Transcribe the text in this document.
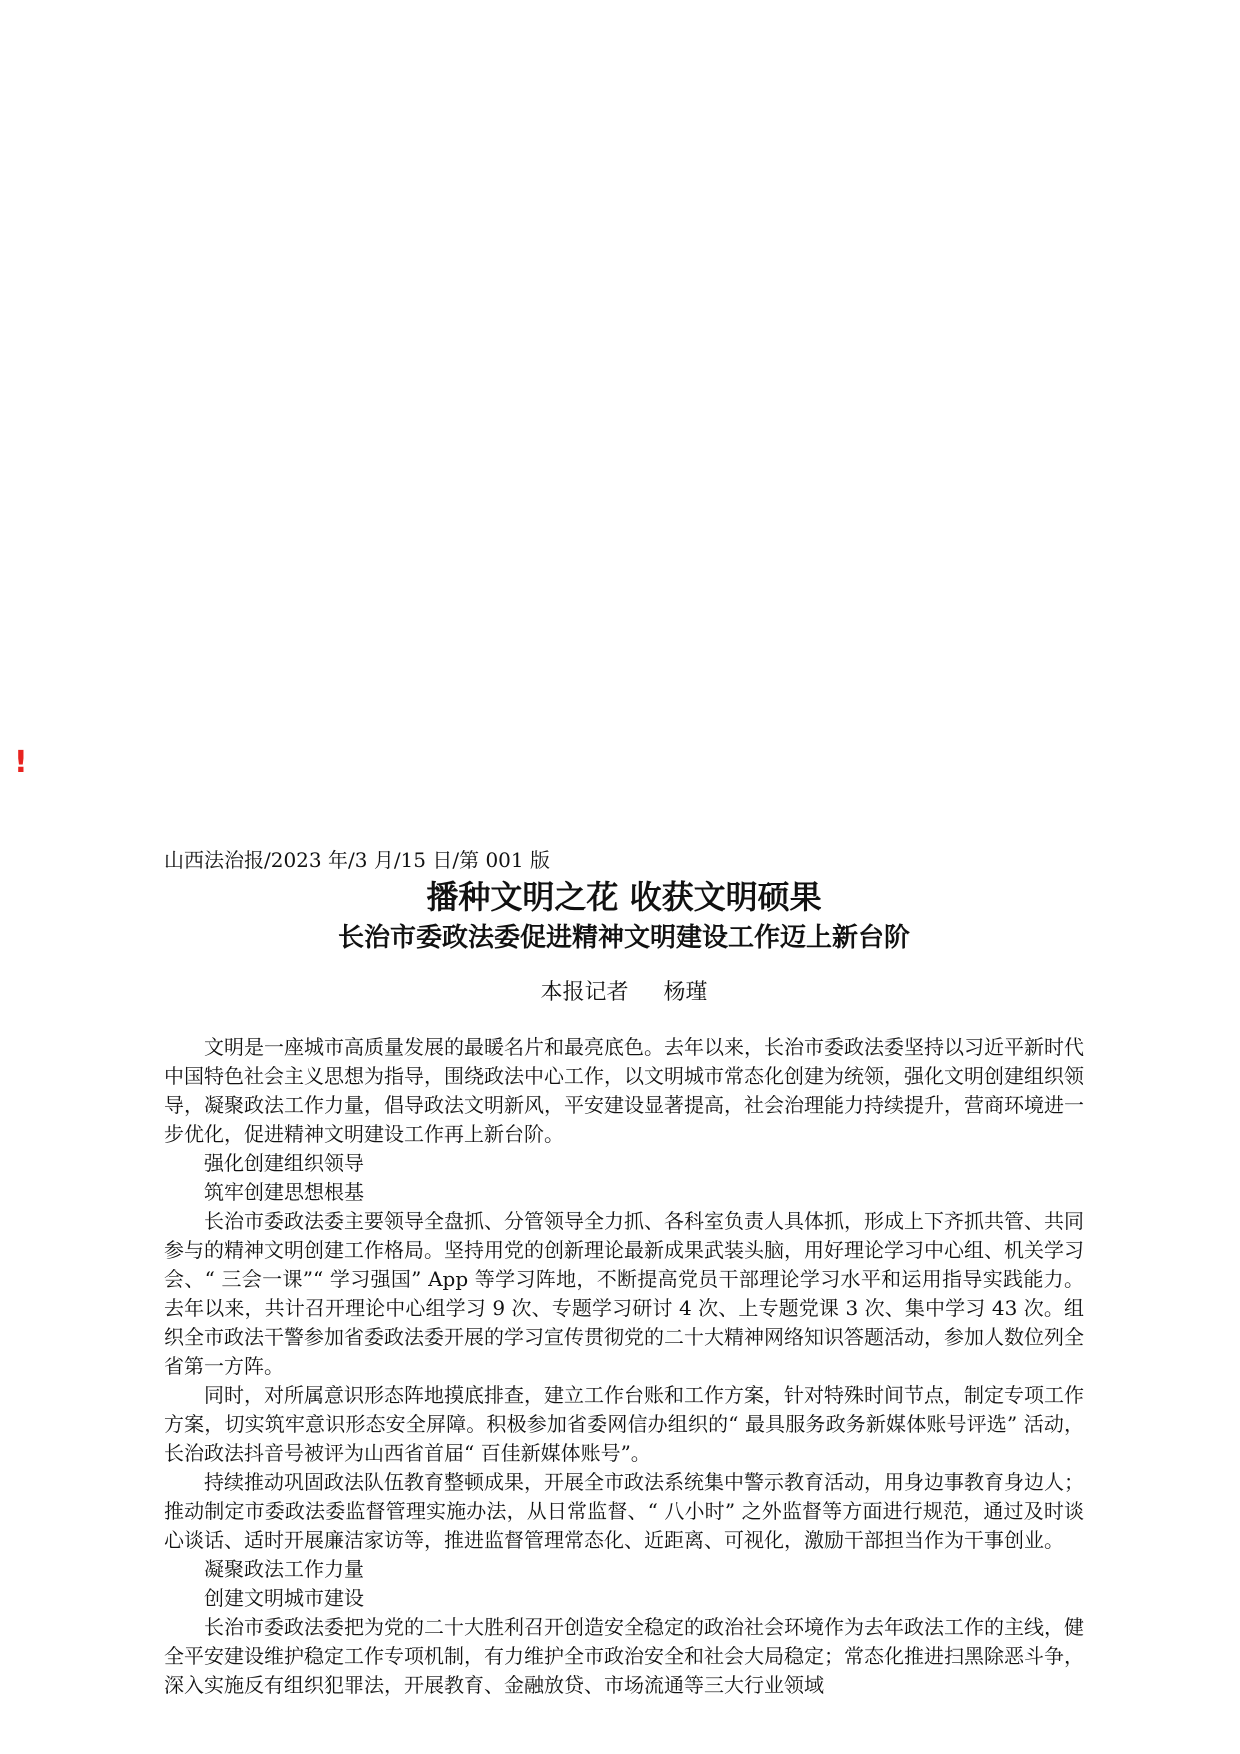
!

山西法治报/2023 年/3 月/15 日/第 001 版

播种文明之花 收获文明硕果
长治市委政法委促进精神文明建设工作迈上新台阶
本报记者     杨瑾

文明是一座城市高质量发展的最暖名片和最亮底色。去年以来，长治市委政法委坚持以习近平新时代中国特色社会主义思想为指导，围绕政法中心工作，以文明城市常态化创建为统领，强化文明创建组织领导，凝聚政法工作力量，倡导政法文明新风，平安建设显著提高，社会治理能力持续提升，营商环境进一步优化，促进精神文明建设工作再上新台阶。

强化创建组织领导

筑牢创建思想根基

长治市委政法委主要领导全盘抓、分管领导全力抓、各科室负责人具体抓，形成上下齐抓共管、共同参与的精神文明创建工作格局。坚持用党的创新理论最新成果武装头脑，用好理论学习中心组、机关学习会、“ 三会一课”“ 学习强国” App 等学习阵地，不断提高党员干部理论学习水平和运用指导实践能力。去年以来，共计召开理论中心组学习 9 次、专题学习研讨 4 次、上专题党课 3 次、集中学习 43 次。组织全市政法干警参加省委政法委开展的学习宣传贯彻党的二十大精神网络知识答题活动，参加人数位列全省第一方阵。

同时，对所属意识形态阵地摸底排查，建立工作台账和工作方案，针对特殊时间节点，制定专项工作方案，切实筑牢意识形态安全屏障。积极参加省委网信办组织的“ 最具服务政务新媒体账号评选” 活动，长治政法抖音号被评为山西省首届“ 百佳新媒体账号”。

持续推动巩固政法队伍教育整顿成果，开展全市政法系统集中警示教育活动，用身边事教育身边人；推动制定市委政法委监督管理实施办法，从日常监督、“ 八小时” 之外监督等方面进行规范，通过及时谈心谈话、适时开展廉洁家访等，推进监督管理常态化、近距离、可视化，激励干部担当作为干事创业。

凝聚政法工作力量

创建文明城市建设

长治市委政法委把为党的二十大胜利召开创造安全稳定的政治社会环境作为去年政法工作的主线，健全平安建设维护稳定工作专项机制，有力维护全市政治安全和社会大局稳定；常态化推进扫黑除恶斗争，深入实施反有组织犯罪法，开展教育、金融放贷、市场流通等三大行业领域
